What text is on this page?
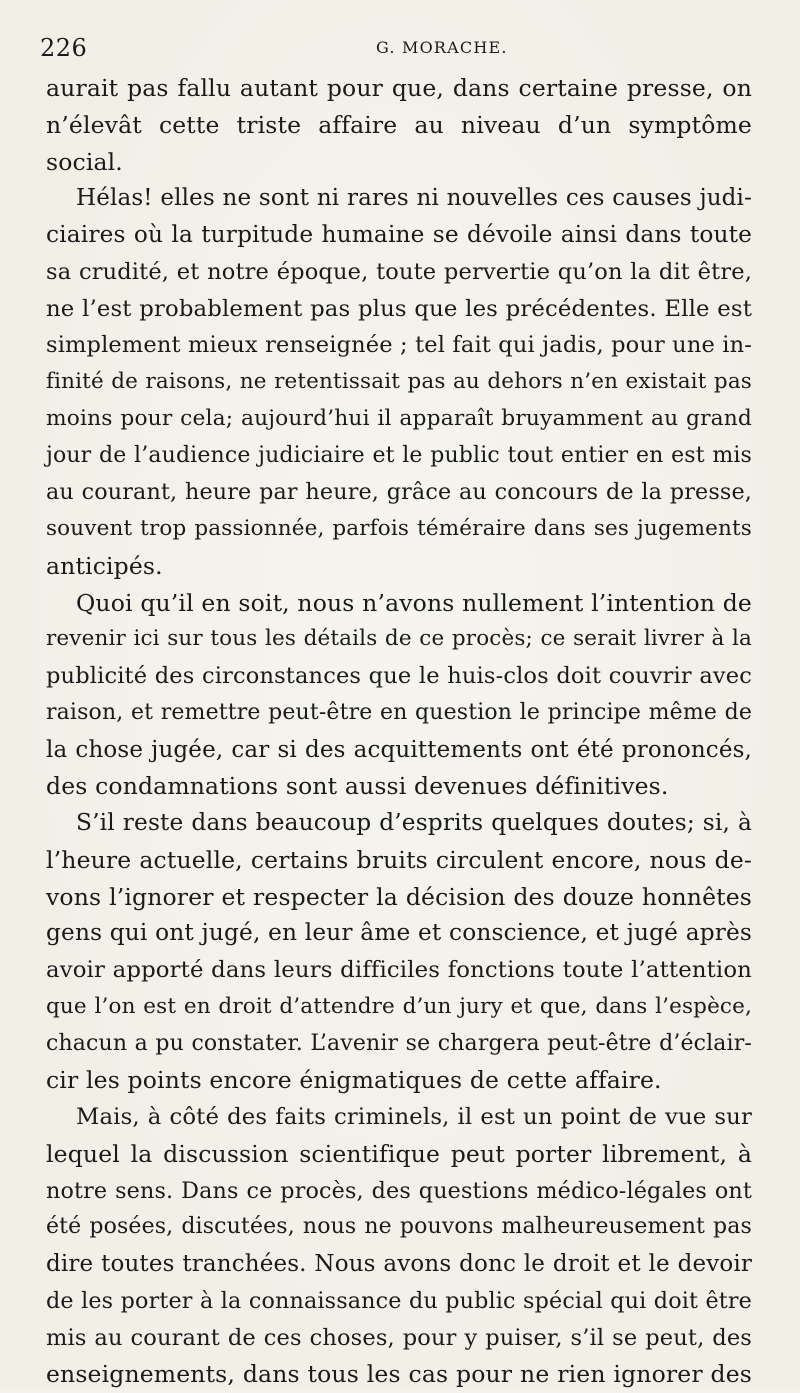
226	G. MORACHE.
aurait pas fallu autant pour que, dans certaine presse, on
n’élevât cette triste affaire au niveau d’un symptôme
social.
Hélas! elles ne sont ni rares ni nouvelles ces causes judi-
ciaires où la turpitude humaine se dévoile ainsi dans toute
sa crudité, et notre époque, toute pervertie qu’on la dit être,
ne l’est probablement pas plus que les précédentes. Elle est
simplement mieux renseignée ; tel fait qui jadis, pour une in-
finité de raisons, ne retentissait pas au dehors n’en existait pas
moins pour cela; aujourd’hui il apparaît bruyamment au grand
jour de l’audience judiciaire et le public tout entier en est mis
au courant, heure par heure, grâce au concours de la presse,
souvent trop passionnée, parfois téméraire dans ses jugements
anticipés.
Quoi qu’il en soit, nous n’avons nullement l’intention de
revenir ici sur tous les détails de ce procès; ce serait livrer à la
publicité des circonstances que le huis-clos doit couvrir avec
raison, et remettre peut-être en question le principe même de
la chose jugée, car si des acquittements ont été prononcés,
des condamnations sont aussi devenues définitives.
S’il reste dans beaucoup d’esprits quelques doutes; si, à
l’heure actuelle, certains bruits circulent encore, nous de-
vons l’ignorer et respecter la décision des douze honnêtes
gens qui ont jugé, en leur âme et conscience, et jugé après
avoir apporté dans leurs difficiles fonctions toute l’attention
que l’on est en droit d’attendre d’un jury et que, dans l’espèce,
chacun a pu constater. L’avenir se chargera peut-être d’éclair-
cir les points encore énigmatiques de cette affaire.
Mais, à côté des faits criminels, il est un point de vue sur
lequel la discussion scientifique peut porter librement, à
notre sens. Dans ce procès, des questions médico-légales ont
été posées, discutées, nous ne pouvons malheureusement pas
dire toutes tranchées. Nous avons donc le droit et le devoir
de les porter à la connaissance du public spécial qui doit être
mis au courant de ces choses, pour y puiser, s’il se peut, des
enseignements, dans tous les cas pour ne rien ignorer des
